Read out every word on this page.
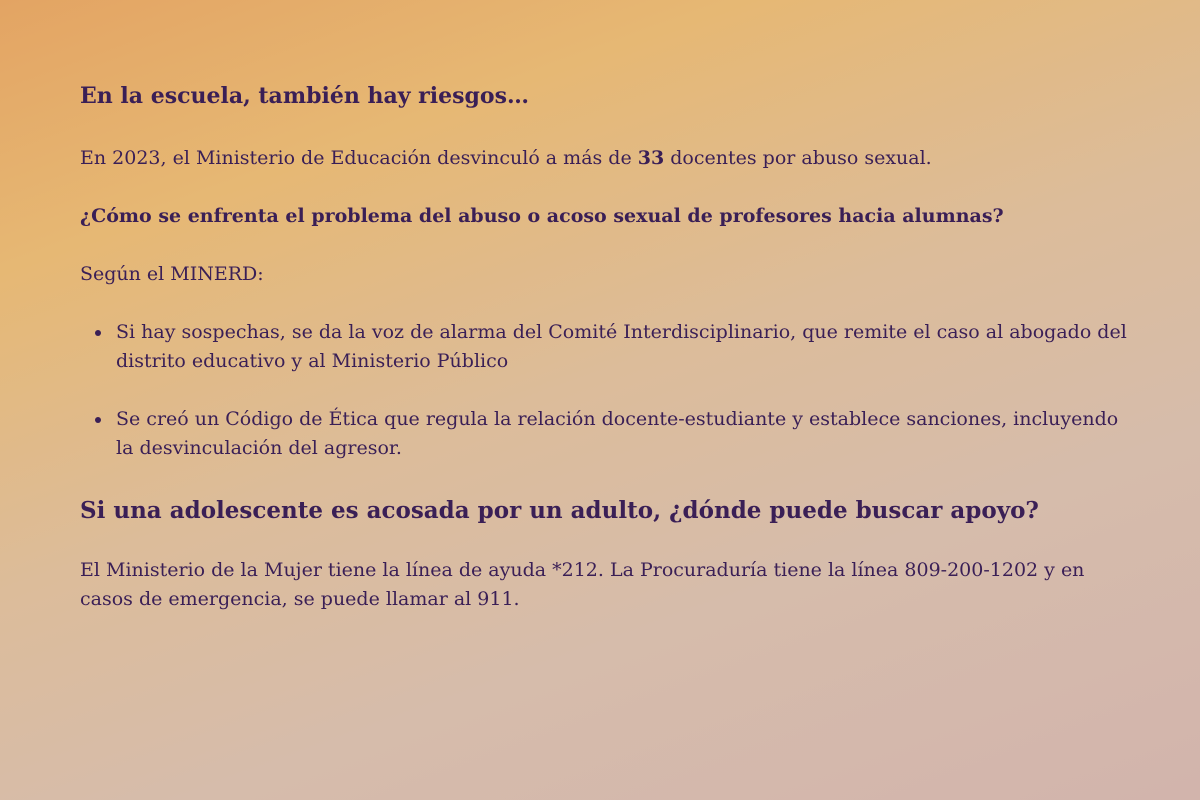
En la escuela, también hay riesgos…

En 2023, el Ministerio de Educación desvinculó a más de 33 docentes por abuso sexual.

¿Cómo se enfrenta el problema del abuso o acoso sexual de profesores hacia alumnas?

Según el MINERD:

Si hay sospechas, se da la voz de alarma del Comité Interdisciplinario, que remite el caso al abogado del distrito educativo y al Ministerio Público
Se creó un Código de Ética que regula la relación docente-estudiante y establece sanciones, incluyendo la desvinculación del agresor.
Si una adolescente es acosada por un adulto, ¿dónde puede buscar apoyo?

El Ministerio de la Mujer tiene la línea de ayuda *212. La Procuraduría tiene la línea 809-200-1202 y en casos de emergencia, se puede llamar al 911.
